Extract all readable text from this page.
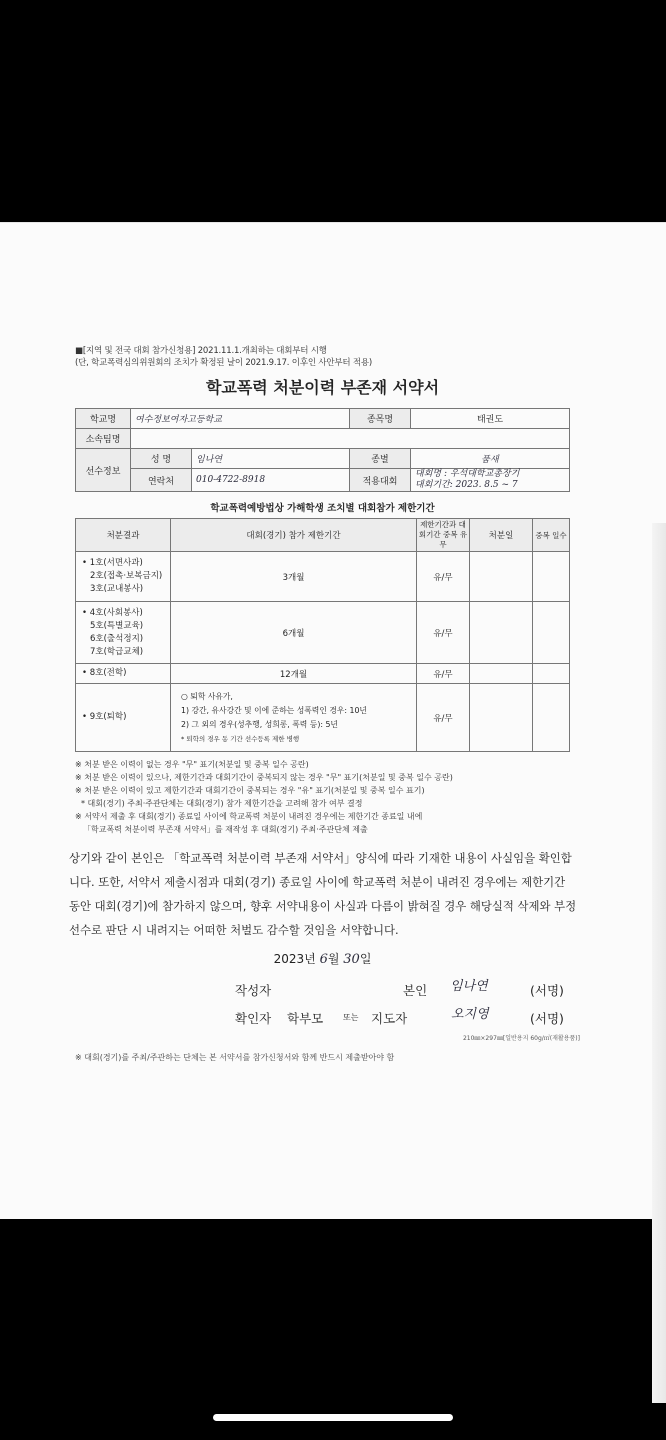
■[지역 및 전국 대회 참가신청용] 2021.11.1.개최하는 대회부터 시행
(단, 학교폭력심의위원회의 조치가 확정된 날이 2021.9.17. 이후인 사안부터 적용)
학교폭력 처분이력 부존재 서약서
학교명	여수정보여자고등학교		종목명	태권도
소속팀명				
선수정보	성 명	임나연	종별	품새
	연락처	010-4722-8918	적용대회	대회명 : 우석대학교총장기
대회기간: 2023. 8.5 ~ 7
학교폭력예방법상 가해학생 조치별 대회참가 제한기간
처분결과	대회(경기) 참가 제한기간	제한기간과 대회기간 중복 유무	처분일	중복 일수

• 1호(서면사과)
2호(접촉·보복금지)
3호(교내봉사)	3개월	유/무		

• 4호(사회봉사)
5호(특별교육)
6호(출석정지)
7호(학급교체)	6개월	유/무		
• 8호(전학)	12개월	유/무		
• 9호(퇴학)	○ 퇴학 사유가,
1) 강간, 유사강간 및 이에 준하는 성폭력인 경우: 10년
2) 그 외의 경우(성추행, 성희롱, 폭력 등): 5년
* 퇴학의 경우 동 기간 선수등록 제한 병행	유/무		
※ 처분 받은 이력이 없는 경우 "무" 표기(처분일 및 중복 일수 공란)
※ 처분 받은 이력이 있으나, 제한기간과 대회기간이 중복되지 않는 경우 "무" 표기(처분일 및 중복 일수 공란)
※ 처분 받은 이력이 있고 제한기간과 대회기간이 중복되는 경우 "유" 표기(처분일 및 중복 일수 표기)
* 대회(경기) 주최·주관단체는 대회(경기) 참가 제한기간을 고려해 참가 여부 결정
※ 서약서 제출 후 대회(경기) 종료일 사이에 학교폭력 처분이 내려진 경우에는 제한기간 종료일 내에
「학교폭력 처분이력 부존재 서약서」를 재작성 후 대회(경기) 주최·주관단체 제출
상기와 같이 본인은 「학교폭력 처분이력 부존재 서약서」양식에 따라 기재한 내용이 사실임을 확인합니다. 또한, 서약서 제출시점과 대회(경기) 종료일 사이에 학교폭력 처분이 내려진 경우에는 제한기간 동안 대회(경기)에 참가하지 않으며, 향후 서약내용이 사실과 다름이 밝혀질 경우 해당실적 삭제와 부정선수로 판단 시 내려지는 어떠한 처벌도 감수할 것임을 서약합니다.
2023년 6월 30일
작성자	본인 임나연	(서명)
확인자 학부모 또는 지도자	오지영	(서명)
210㎜×297㎜[일반용지 60g/㎡(재활용품)]
※ 대회(경기)를 주최/주관하는 단체는 본 서약서를 참가신청서와 함께 반드시 제출받아야 함
